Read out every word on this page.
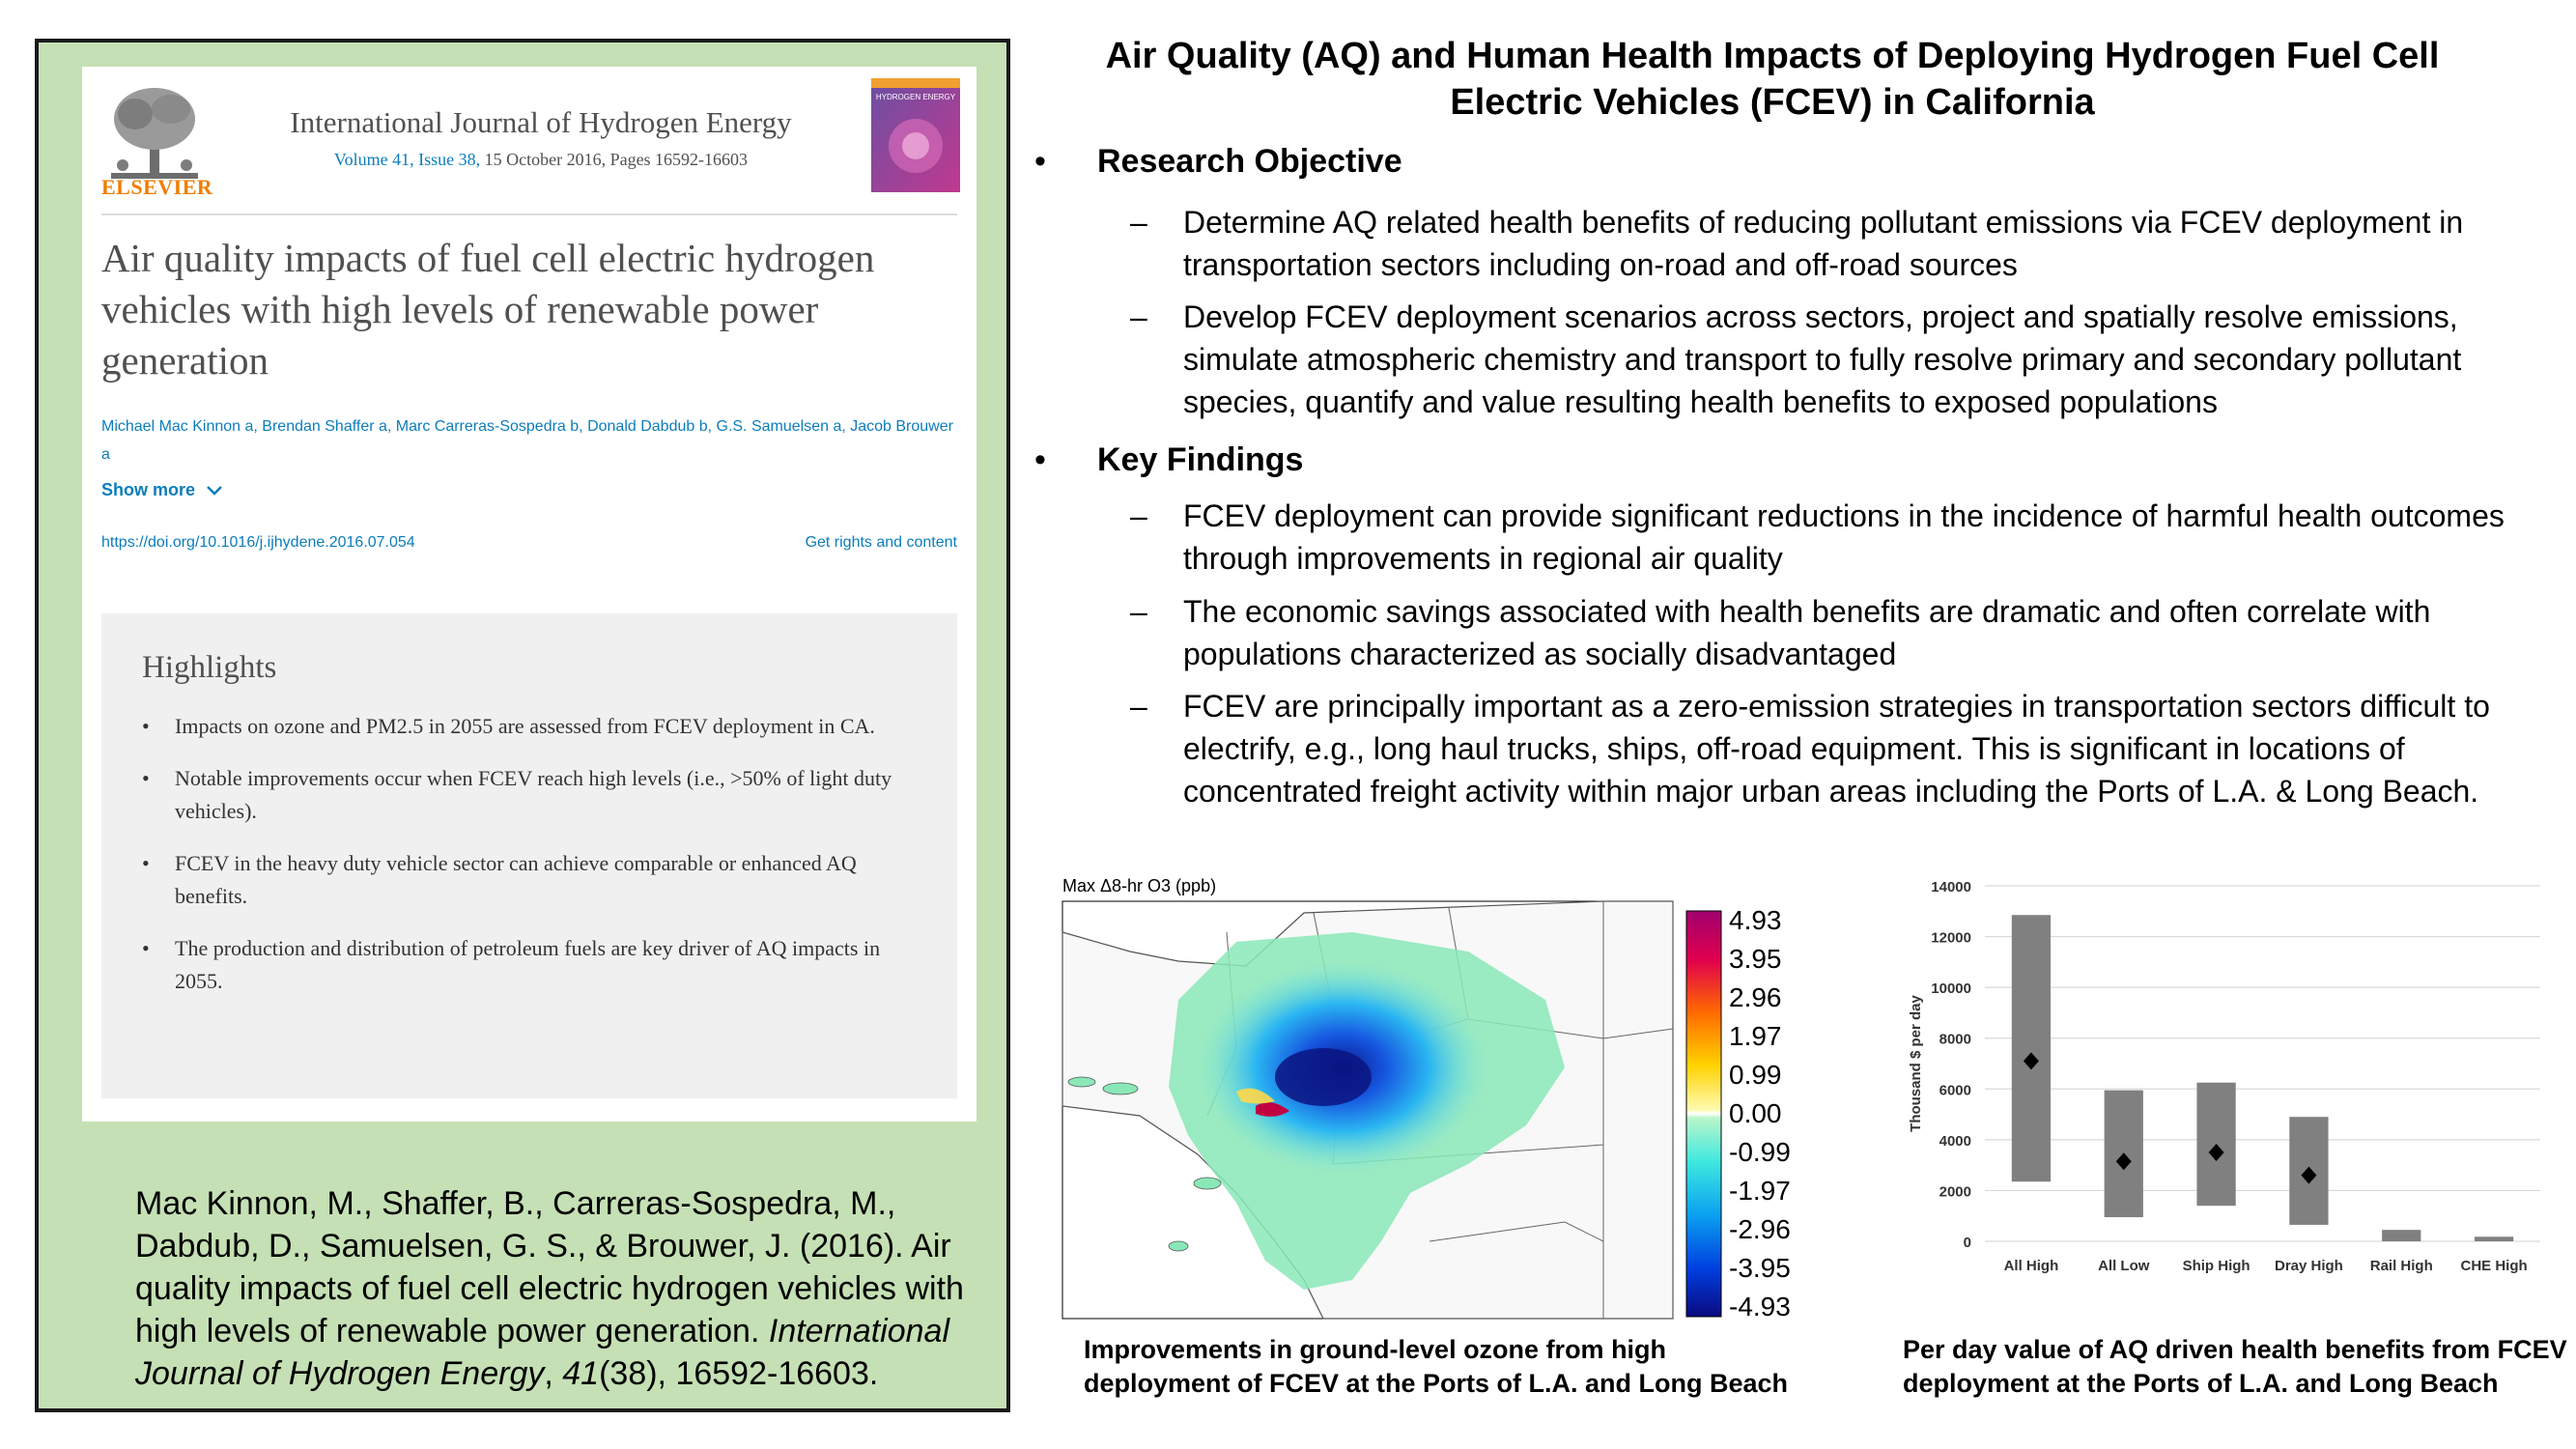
ELSEVIER
International Journal of Hydrogen Energy
Volume 41, Issue 38, 15 October 2016, Pages 16592-16603
HYDROGEN ENERGY
Air quality impacts of fuel cell electric hydrogen vehicles with high levels of renewable power generation
Michael Mac Kinnon a, Brendan Shaffer a, Marc Carreras-Sospedra b, Donald Dabdub b, G.S. Samuelsen a, Jacob Brouwer a
Show more
https://doi.org/10.1016/j.ijhydene.2016.07.054	Get rights and content
Highlights
• Impacts on ozone and PM2.5 in 2055 are assessed from FCEV deployment in CA.
• Notable improvements occur when FCEV reach high levels (i.e., >50% of light duty vehicles).
• FCEV in the heavy duty vehicle sector can achieve comparable or enhanced AQ benefits.
• The production and distribution of petroleum fuels are key driver of AQ impacts in 2055.
Mac Kinnon, M., Shaffer, B., Carreras-Sospedra, M., Dabdub, D., Samuelsen, G. S., & Brouwer, J. (2016). Air quality impacts of fuel cell electric hydrogen vehicles with high levels of renewable power generation. International Journal of Hydrogen Energy, 41(38), 16592-16603.
Air Quality (AQ) and Human Health Impacts of Deploying Hydrogen Fuel Cell Electric Vehicles (FCEV) in California
• Research Objective
– Determine AQ related health benefits of reducing pollutant emissions via FCEV deployment in transportation sectors including on-road and off-road sources
– Develop FCEV deployment scenarios across sectors, project and spatially resolve emissions, simulate atmospheric chemistry and transport to fully resolve primary and secondary pollutant species, quantify and value resulting health benefits to exposed populations
• Key Findings
– FCEV deployment can provide significant reductions in the incidence of harmful health outcomes through improvements in regional air quality
– The economic savings associated with health benefits are dramatic and often correlate with populations characterized as socially disadvantaged
– FCEV are principally important as a zero-emission strategies in transportation sectors difficult to electrify, e.g., long haul trucks, ships, off-road equipment. This is significant in locations of concentrated freight activity within major urban areas including the Ports of L.A. & Long Beach.
Max Δ8-hr O3 (ppb)
4.93
3.95
2.96
1.97
0.99
0.00
-0.99
-1.97
-2.96
-3.95
-4.93
Improvements in ground-level ozone from high deployment of FCEV at the Ports of L.A. and Long Beach
0
2000
4000
6000
8000
10000
12000
14000
Thousand $ per day
All High	All Low Ship High Dray High Rail High CHE High
Per day value of AQ driven health benefits from FCEV deployment at the Ports of L.A. and Long Beach
